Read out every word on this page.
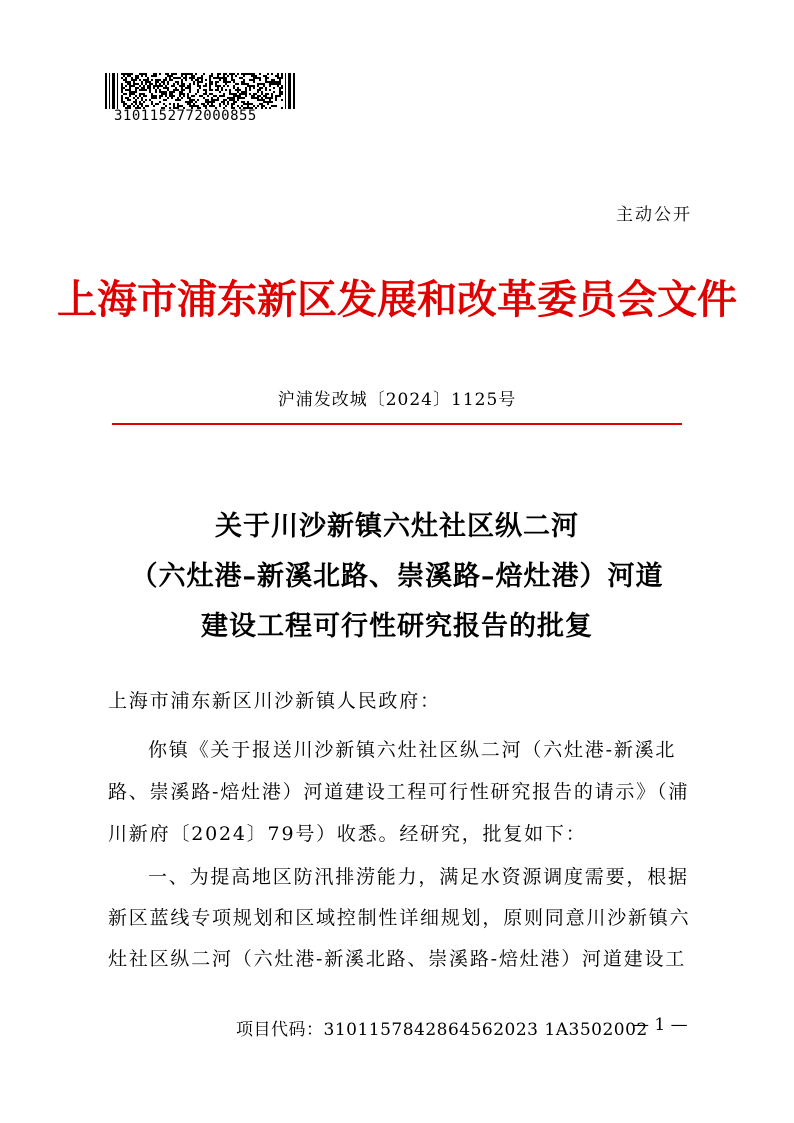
3101152772000855
主动公开
上海市浦东新区发展和改革委员会文件
沪浦发改城〔2024〕1125号
关于川沙新镇六灶社区纵二河
（六灶港–新溪北路、崇溪路–焙灶港）河道
建设工程可行性研究报告的批复
上海市浦东新区川沙新镇人民政府：
你镇《关于报送川沙新镇六灶社区纵二河（六灶港-新溪北
路、崇溪路-焙灶港）河道建设工程可行性研究报告的请示》（浦
川新府〔2024〕79号）收悉。经研究，批复如下：
一、为提高地区防汛排涝能力，满足水资源调度需要，根据
新区蓝线专项规划和区域控制性详细规划，原则同意川沙新镇六
灶社区纵二河（六灶港-新溪北路、崇溪路-焙灶港）河道建设工
项目代码：3101157842864562023 1A3502002
— 1 —
